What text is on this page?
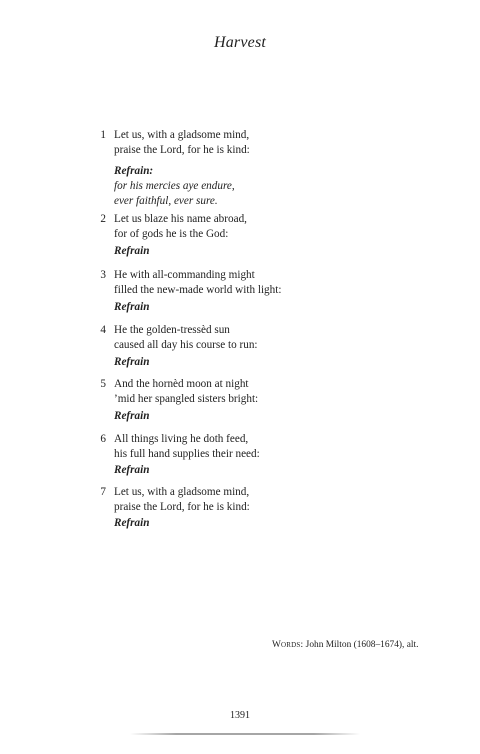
Harvest
1 Let us, with a gladsome mind,
praise the Lord, for he is kind:
Refrain:
for his mercies aye endure,
ever faithful, ever sure.
2 Let us blaze his name abroad,
for of gods he is the God:
Refrain
3 He with all-commanding might
filled the new-made world with light:
Refrain
4 He the golden-tressèd sun
caused all day his course to run:
Refrain
5 And the hornèd moon at night
’mid her spangled sisters bright:
Refrain
6 All things living he doth feed,
his full hand supplies their need:
Refrain
7 Let us, with a gladsome mind,
praise the Lord, for he is kind:
Refrain
Words: John Milton (1608–1674), alt.
1391
